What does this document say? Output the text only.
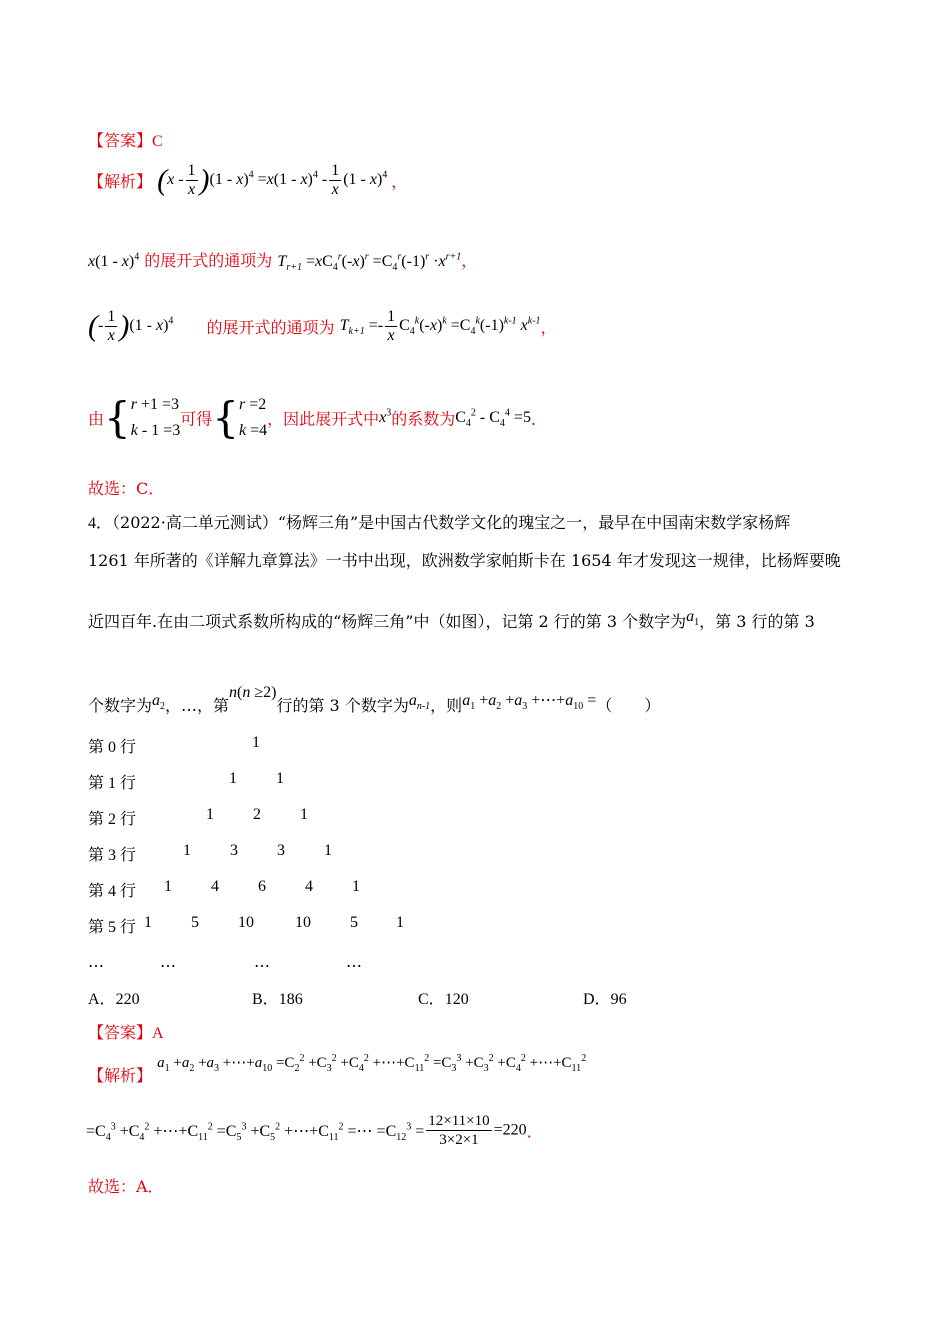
【答案】C
【解析】 $(x - \frac{1}{x} )(1 - x)^4 =x(1 - x)^4 - \frac{1}{x} (1 - x)^4$ ，
x(1 - x)$^4$ 的展开式的通项为 $T_{r+1} =xC_4^r(-x)^r =C_4^r(-1)^r \cdot x^{r+1}$，
(- $\frac{1}{x} )(1 - x)^4$ 的展开式的通项为 $T_{k+1} =- \frac{1}{x} C_4^k(-x)^k =C_4^k(-1)^{k-1}$ $x^{k-1}$，
由{r +1 =3
k - 1 =3可得{r =2
k =4，因此展开式中$x^3$的系数为$C_4^2 - C_4^4 =5$．
故选：C．
4．（2022·高二单元测试）“杨辉三角”是中国古代数学文化的瑰宝之一，最早在中国南宋数学家杨辉
1261 年所著的《详解九章算法》一书中出现，欧洲数学家帕斯卡在 1654 年才发现这一规律，比杨辉要晚
近四百年.在由二项式系数所构成的“杨辉三角”中（如图），记第 2 行的第 3 个数字为$a_1$，第 3 行的第 3
个数字为$a_2$，…，第n(n ≥2)行的第 3 个数字为$a_{n-1}$，则$a_1 +a_2 +a_3$ $+\cdots+a_{10}$ =（　　）
第 0 行	1
第 1 行	1 1
第 2 行	1 2 1
第 3 行	1 3 3 1
第 4 行 1 4 6 4 1
第 5 行 1 5 10	10 5 1
…	…	…	…
A．220	B．186	C．120	D．96
【答案】A
【解析】 $a_1 +a_2 +a_3$ $+\cdots+a_{10} =C_2^2 +C_3^2 +C_4^2$ $+\cdots+C_{11}^2 =C_3^3 +C_3^2 +C_4^2$ $+\cdots+C_{11}^2$
$=C_4^3 +C_4^2$ $+\cdots+C_{11}^2 =C_5^3 +C_5^2$ $+\cdots+C_{11}^2$ =⋯ $=C_{12}^3 = \frac{12\times 11\times 10}{3\times 2\times 1} =220$．
故选：A．
